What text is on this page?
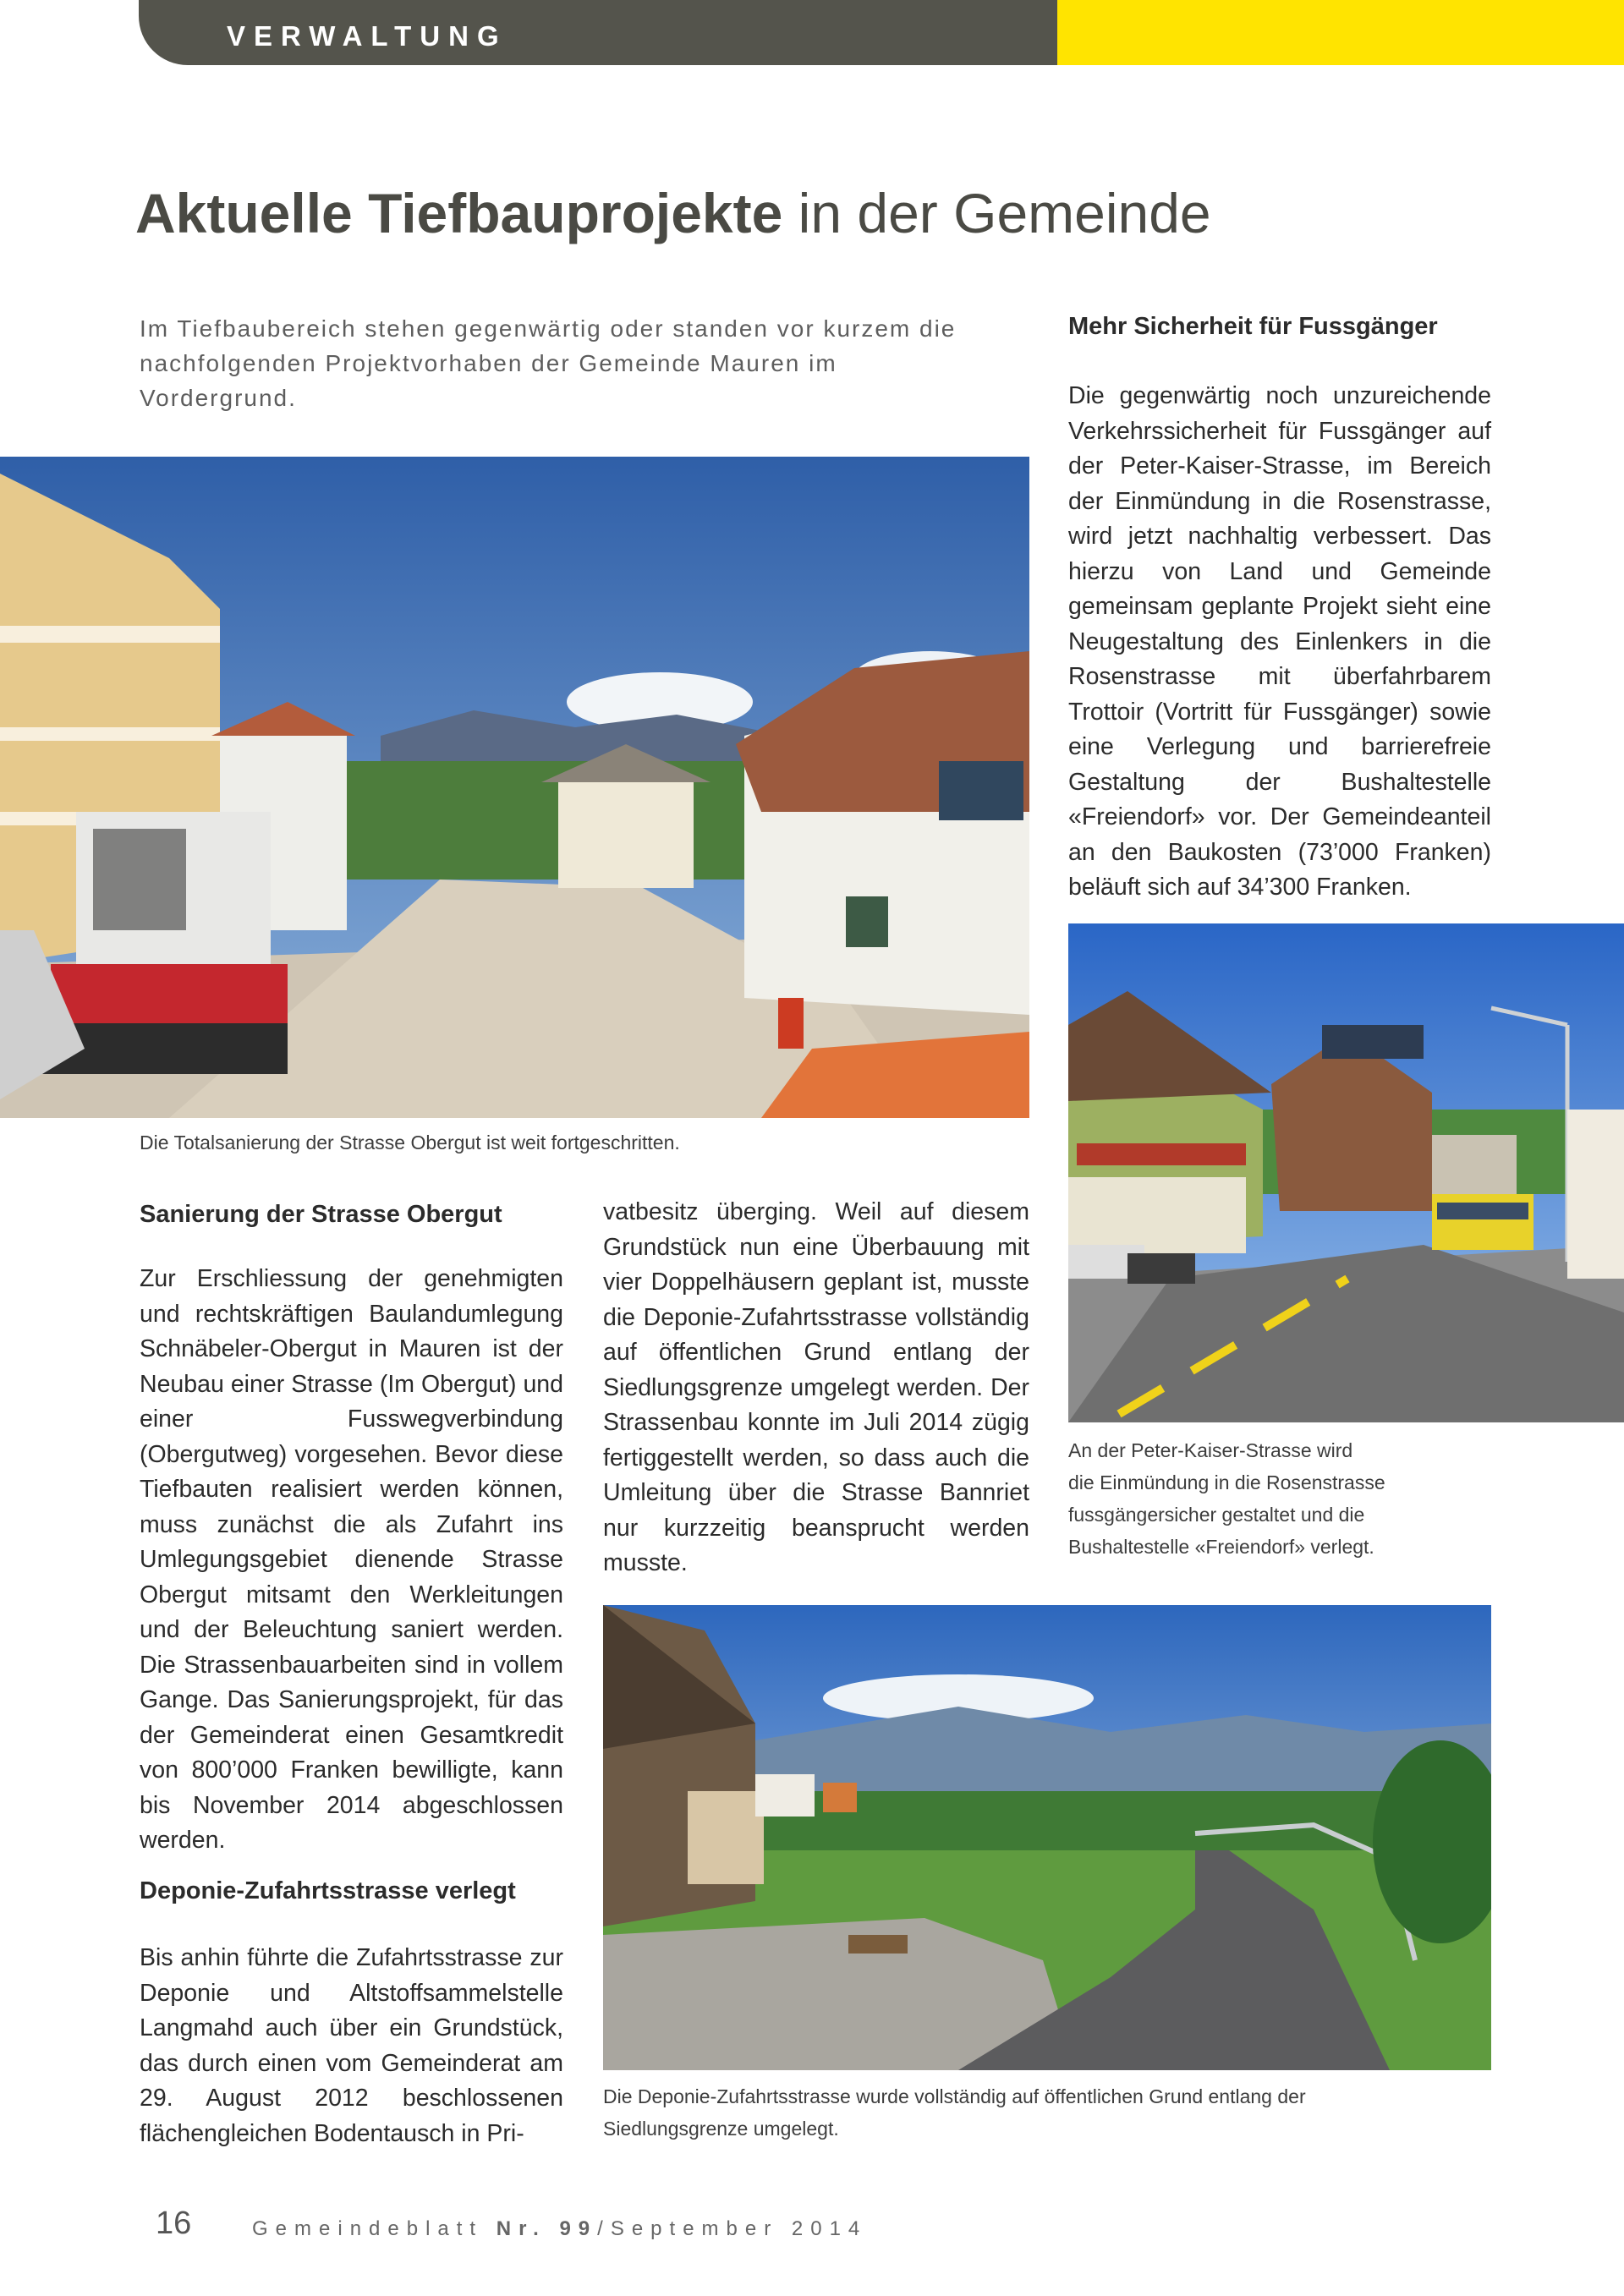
VERWALTUNG
Aktuelle Tiefbauprojekte in der Gemeinde
Im Tiefbaubereich stehen gegenwärtig oder standen vor kurzem die nachfolgenden Projektvorhaben der Gemeinde Mauren im Vordergrund.
Mehr Sicherheit für Fussgänger
Die gegenwärtig noch unzureichende Verkehrssicherheit für Fussgänger auf der Peter-Kaiser-Strasse, im Bereich der Einmündung in die Rosenstrasse, wird jetzt nachhaltig verbessert. Das hierzu von Land und Gemeinde gemeinsam geplante Projekt sieht eine Neugestaltung des Einlenkers in die Rosenstrasse mit überfahrbarem Trottoir (Vortritt für Fussgänger) sowie eine Verlegung und barrierefreie Gestaltung der Bushaltestelle «Freiendorf» vor. Der Gemeindeanteil an den Baukosten (73’000 Franken) beläuft sich auf 34’300 Franken.
Die Totalsanierung der Strasse Obergut ist weit fortgeschritten.
An der Peter-Kaiser-Strasse wird
die Einmündung in die Rosenstrasse
fussgängersicher gestaltet und die
Bushaltestelle «Freiendorf» verlegt.
Sanierung der Strasse Obergut
Zur Erschliessung der genehmigten und rechtskräftigen Baulandumlegung Schnäbeler-Obergut in Mauren ist der Neubau einer Strasse (Im Obergut) und einer Fusswegverbindung (Obergutweg) vorgesehen. Bevor diese Tiefbauten realisiert werden können, muss zunächst die als Zufahrt ins Umlegungsgebiet dienende Strasse Obergut mitsamt den Werkleitungen und der Beleuchtung saniert werden. Die Strassenbauarbeiten sind in vollem Gange. Das Sanierungsprojekt, für das der Gemeinderat einen Gesamtkredit von 800’000 Franken bewilligte, kann bis November 2014 abgeschlossen werden.
Deponie-Zufahrtsstrasse verlegt
Bis anhin führte die Zufahrtsstrasse zur Deponie und Altstoffsammelstelle Langmahd auch über ein Grundstück, das durch einen vom Gemeinderat am 29. August 2012 beschlossenen flächengleichen Bodentausch in Pri-
vatbesitz überging. Weil auf diesem Grundstück nun eine Überbauung mit vier Doppelhäusern geplant ist, musste die Deponie-Zufahrtsstrasse vollständig auf öffentlichen Grund entlang der Siedlungsgrenze umgelegt werden. Der Strassenbau konnte im Juli 2014 zügig fertiggestellt werden, so dass auch die Umleitung über die Strasse Bannriet nur kurzzeitig beansprucht werden musste.
Die Deponie-Zufahrtsstrasse wurde vollständig auf öffentlichen Grund entlang der
Siedlungsgrenze umgelegt.
16	Gemeindeblatt Nr. 99/September 2014
